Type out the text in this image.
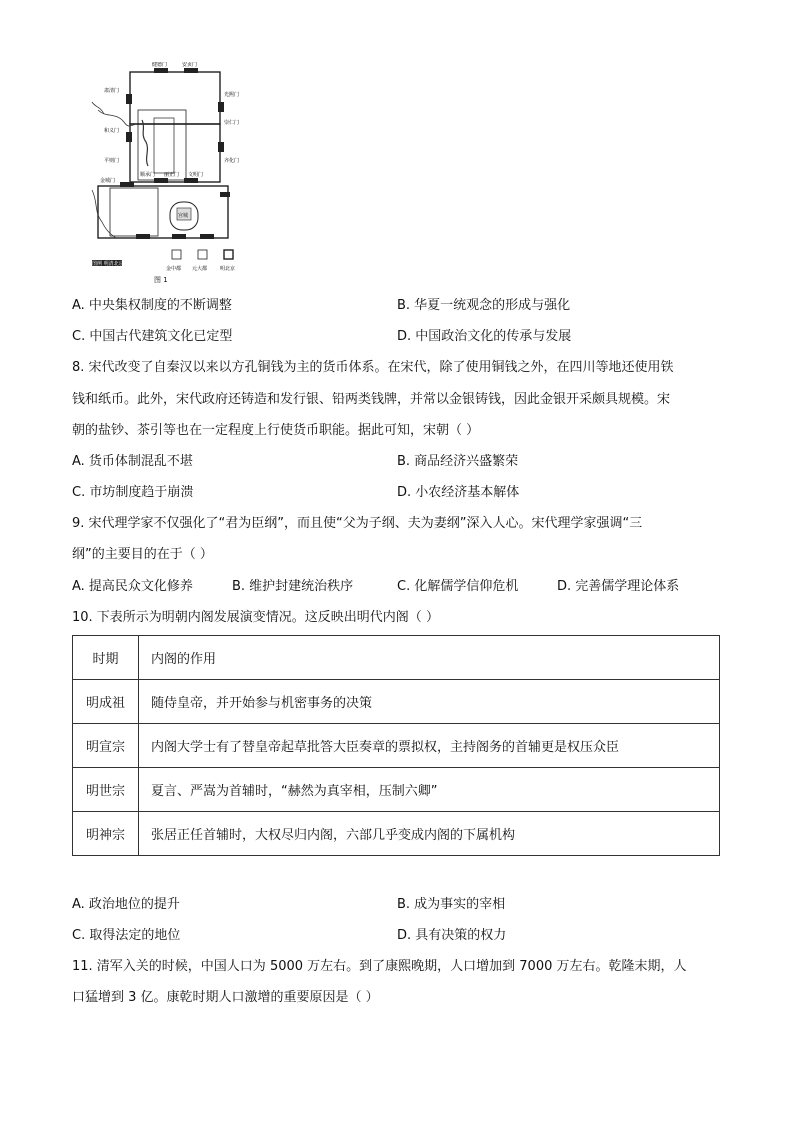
健德门	安贞门
肃清门
和义门
平则门
光熙门
崇仁门
齐化门
丽正门 文明门
顺承门
金城门
宫城
金中都 元大都	明北京
图例 明清北京城
图 1
A. 中央集权制度的不断调整	B. 华夏一统观念的形成与强化
C. 中国古代建筑文化已定型	D. 中国政治文化的传承与发展
8. 宋代改变了自秦汉以来以方孔铜钱为主的货币体系。在宋代，除了使用铜钱之外，在四川等地还使用铁
钱和纸币。此外，宋代政府还铸造和发行银、铅两类钱牌，并常以金银铸钱，因此金银开采颇具规模。宋
朝的盐钞、茶引等也在一定程度上行使货币职能。据此可知，宋朝（ ）
A. 货币体制混乱不堪	B. 商品经济兴盛繁荣
C. 市坊制度趋于崩溃	D. 小农经济基本解体
9. 宋代理学家不仅强化了“君为臣纲”，而且使“父为子纲、夫为妻纲”深入人心。宋代理学家强调“三
纲”的主要目的在于（ ）
A. 提高民众文化修养	B. 维护封建统治秩序	C. 化解儒学信仰危机	D. 完善儒学理论体系
10. 下表所示为明朝内阁发展演变情况。这反映出明代内阁（ ）
时期	内阁的作用
明成祖	随侍皇帝，并开始参与机密事务的决策
明宣宗	内阁大学士有了替皇帝起草批答大臣奏章的票拟权，主持阁务的首辅更是权压众臣
明世宗	夏言、严嵩为首辅时，“赫然为真宰相，压制六卿”
明神宗	张居正任首辅时，大权尽归内阁，六部几乎变成内阁的下属机构
A. 政治地位的提升	B. 成为事实的宰相
C. 取得法定的地位	D. 具有决策的权力
11. 清军入关的时候，中国人口为 5000 万左右。到了康熙晚期，人口增加到 7000 万左右。乾隆末期，人
口猛增到 3 亿。康乾时期人口激增的重要原因是（ ）
